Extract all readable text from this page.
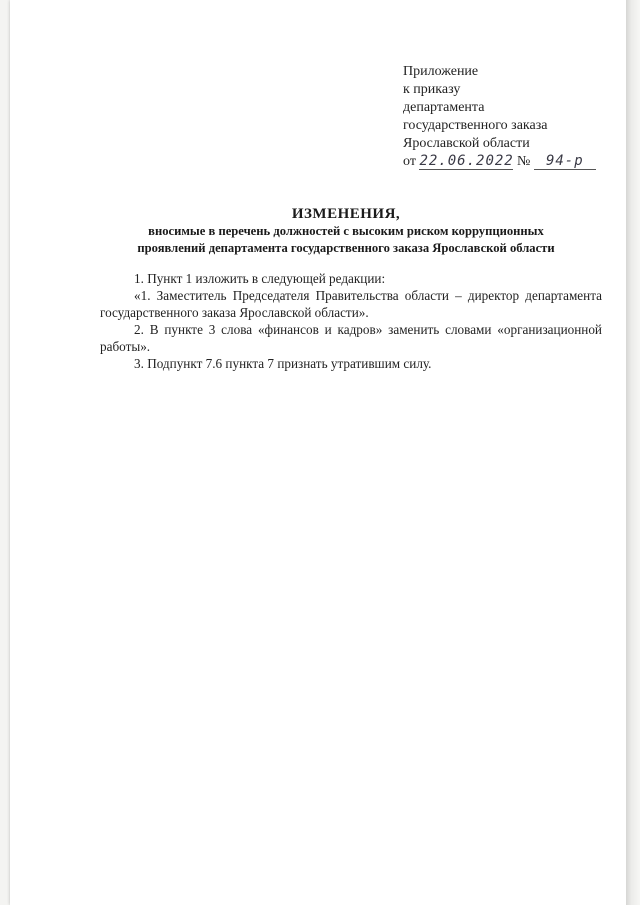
Приложение
к приказу
департамента
государственного заказа
Ярославской области
от 22.06.2022 № 94-р
ИЗМЕНЕНИЯ,
вносимые в перечень должностей с высоким риском коррупционных
проявлений департамента государственного заказа Ярославской области

1. Пункт 1 изложить в следующей редакции:

«1. Заместитель Председателя Правительства области – директор департамента государственного заказа Ярославской области».

2. В пункте 3 слова «финансов и кадров» заменить словами «организационной работы».

3. Подпункт 7.6 пункта 7 признать утратившим силу.
